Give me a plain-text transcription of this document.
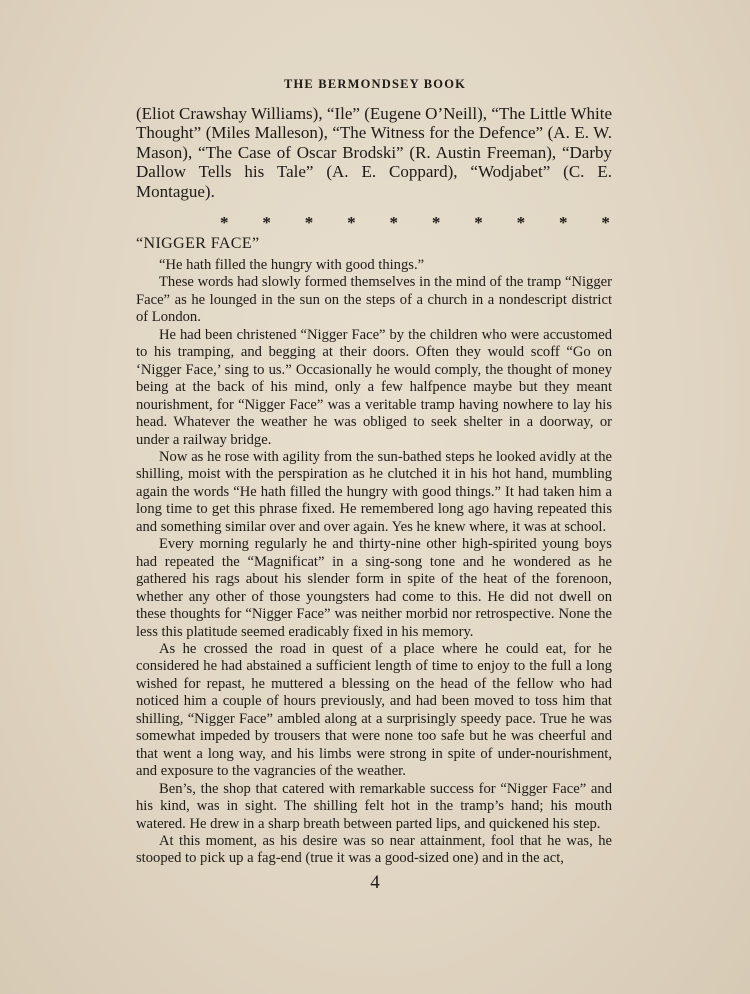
THE BERMONDSEY BOOK

(Eliot Crawshay Williams), “Ile” (Eugene O’Neill), “The Little White Thought” (Miles Malleson), “The Witness for the Defence” (A. E. W. Mason), “The Case of Oscar Brodski” (R. Austin Freeman), “Darby Dallow Tells his Tale” (A. E. Coppard), “Wodjabet” (C. E. Montague).

* * * * * * * * * *
“NIGGER FACE”

“He hath filled the hungry with good things.”

These words had slowly formed themselves in the mind of the tramp “Nigger Face” as he lounged in the sun on the steps of a church in a nondescript district of London.

He had been christened “Nigger Face” by the children who were accustomed to his tramping, and begging at their doors. Often they would scoff “Go on ‘Nigger Face,’ sing to us.” Occasionally he would comply, the thought of money being at the back of his mind, only a few halfpence maybe but they meant nourishment, for “Nigger Face” was a veritable tramp having nowhere to lay his head. Whatever the weather he was obliged to seek shelter in a doorway, or under a railway bridge.

Now as he rose with agility from the sun-bathed steps he looked avidly at the shilling, moist with the perspiration as he clutched it in his hot hand, mumbling again the words “He hath filled the hungry with good things.” It had taken him a long time to get this phrase fixed. He remembered long ago having repeated this and something similar over and over again. Yes he knew where, it was at school.

Every morning regularly he and thirty-nine other high-spirited young boys had repeated the “Magnificat” in a sing-song tone and he wondered as he gathered his rags about his slender form in spite of the heat of the forenoon, whether any other of those youngsters had come to this. He did not dwell on these thoughts for “Nigger Face” was neither morbid nor retrospective. None the less this platitude seemed eradicably fixed in his memory.

As he crossed the road in quest of a place where he could eat, for he considered he had abstained a sufficient length of time to enjoy to the full a long wished for repast, he muttered a blessing on the head of the fellow who had noticed him a couple of hours previously, and had been moved to toss him that shilling, “Nigger Face” ambled along at a surprisingly speedy pace. True he was somewhat impeded by trousers that were none too safe but he was cheerful and that went a long way, and his limbs were strong in spite of under-nourishment, and exposure to the vagrancies of the weather.

Ben’s, the shop that catered with remarkable success for “Nigger Face” and his kind, was in sight. The shilling felt hot in the tramp’s hand; his mouth watered. He drew in a sharp breath between parted lips, and quickened his step.

At this moment, as his desire was so near attainment, fool that he was, he stooped to pick up a fag-end (true it was a good-sized one) and in the act,

4
